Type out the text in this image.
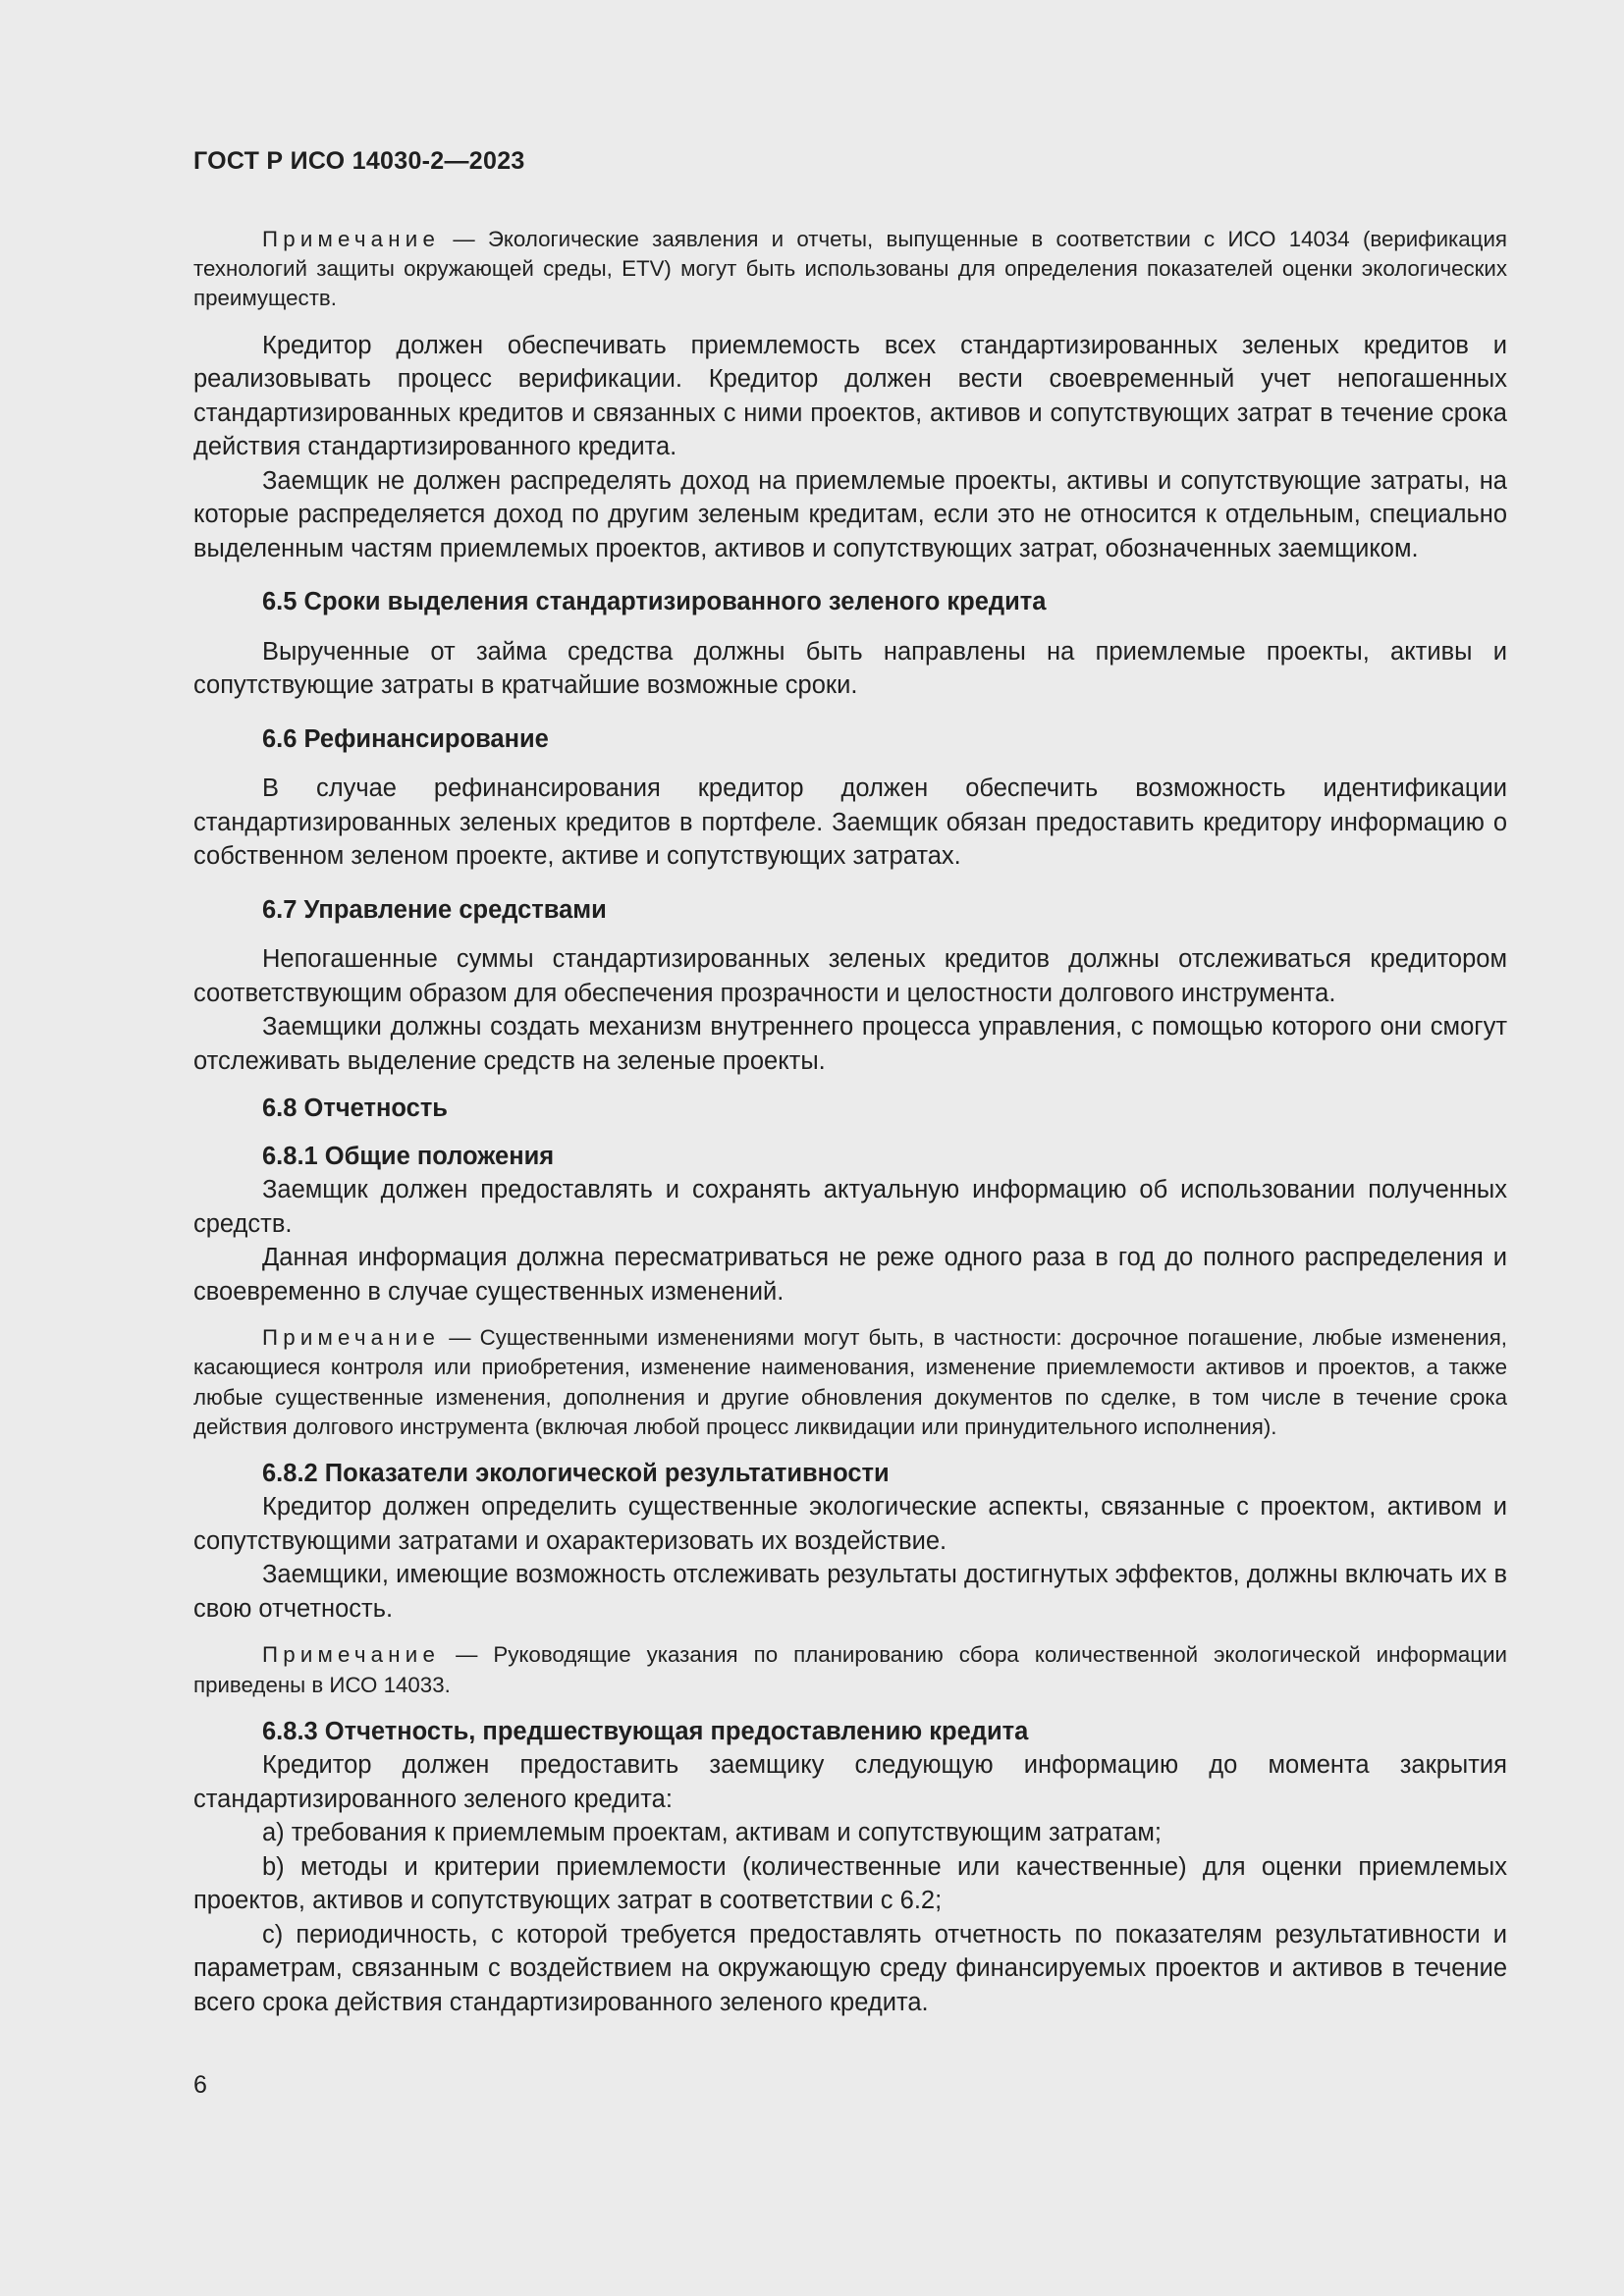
ГОСТ Р ИСО 14030-2—2023

Примечание — Экологические заявления и отчеты, выпущенные в соответствии с ИСО 14034 (верификация технологий защиты окружающей среды, ETV) могут быть использованы для определения показателей оценки экологических преимуществ.

Кредитор должен обеспечивать приемлемость всех стандартизированных зеленых кредитов и реализовывать процесс верификации. Кредитор должен вести своевременный учет непогашенных стандартизированных кредитов и связанных с ними проектов, активов и сопутствующих затрат в течение срока действия стандартизированного кредита.

Заемщик не должен распределять доход на приемлемые проекты, активы и сопутствующие затраты, на которые распределяется доход по другим зеленым кредитам, если это не относится к отдельным, специально выделенным частям приемлемых проектов, активов и сопутствующих затрат, обозначенных заемщиком.

6.5 Сроки выделения стандартизированного зеленого кредита

Вырученные от займа средства должны быть направлены на приемлемые проекты, активы и сопутствующие затраты в кратчайшие возможные сроки.

6.6 Рефинансирование

В случае рефинансирования кредитор должен обеспечить возможность идентификации стандартизированных зеленых кредитов в портфеле. Заемщик обязан предоставить кредитору информацию о собственном зеленом проекте, активе и сопутствующих затратах.

6.7 Управление средствами

Непогашенные суммы стандартизированных зеленых кредитов должны отслеживаться кредитором соответствующим образом для обеспечения прозрачности и целостности долгового инструмента.

Заемщики должны создать механизм внутреннего процесса управления, с помощью которого они смогут отслеживать выделение средств на зеленые проекты.

6.8 Отчетность
6.8.1 Общие положения

Заемщик должен предоставлять и сохранять актуальную информацию об использовании полученных средств.

Данная информация должна пересматриваться не реже одного раза в год до полного распределения и своевременно в случае существенных изменений.

Примечание — Существенными изменениями могут быть, в частности: досрочное погашение, любые изменения, касающиеся контроля или приобретения, изменение наименования, изменение приемлемости активов и проектов, а также любые существенные изменения, дополнения и другие обновления документов по сделке, в том числе в течение срока действия долгового инструмента (включая любой процесс ликвидации или принудительного исполнения).

6.8.2 Показатели экологической результативности

Кредитор должен определить существенные экологические аспекты, связанные с проектом, активом и сопутствующими затратами и охарактеризовать их воздействие.

Заемщики, имеющие возможность отслеживать результаты достигнутых эффектов, должны включать их в свою отчетность.

Примечание — Руководящие указания по планированию сбора количественной экологической информации приведены в ИСО 14033.

6.8.3 Отчетность, предшествующая предоставлению кредита

Кредитор должен предоставить заемщику следующую информацию до момента закрытия стандартизированного зеленого кредита:

a) требования к приемлемым проектам, активам и сопутствующим затратам;

b) методы и критерии приемлемости (количественные или качественные) для оценки приемлемых проектов, активов и сопутствующих затрат в соответствии с 6.2;

c) периодичность, с которой требуется предоставлять отчетность по показателям результативности и параметрам, связанным с воздействием на окружающую среду финансируемых проектов и активов в течение всего срока действия стандартизированного зеленого кредита.

6
